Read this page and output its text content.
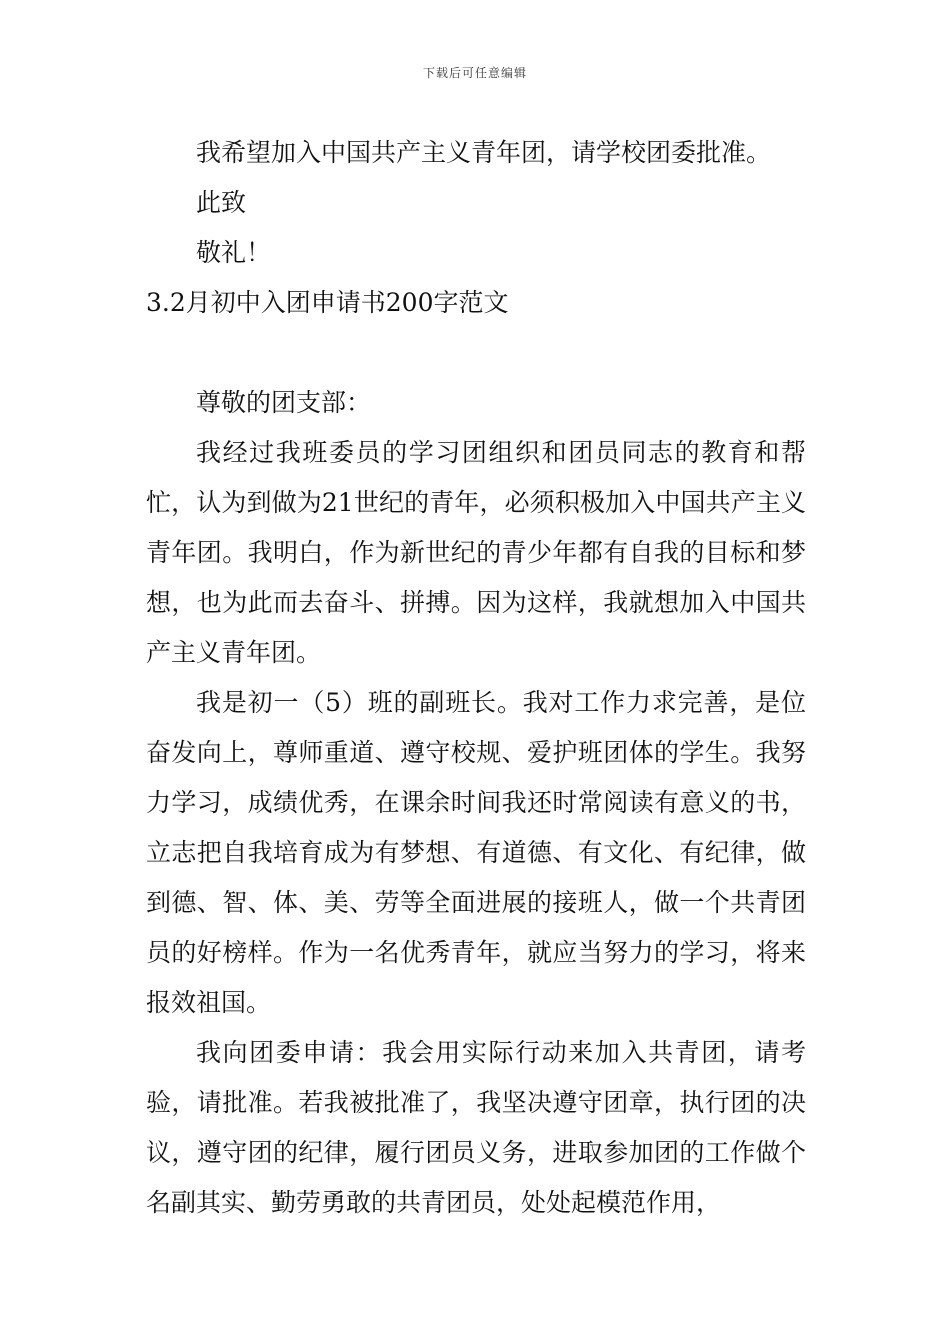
下载后可任意编辑

我希望加入中国共产主义青年团，请学校团委批准。

此致

敬礼！

3.2月初中入团申请书200字范文

尊敬的团支部：

我经过我班委员的学习团组织和团员同志的教育和帮忙，认为到做为21世纪的青年，必须积极加入中国共产主义青年团。我明白，作为新世纪的青少年都有自我的目标和梦想，也为此而去奋斗、拼搏。因为这样，我就想加入中国共产主义青年团。

我是初一（5）班的副班长。我对工作力求完善，是位奋发向上，尊师重道、遵守校规、爱护班团体的学生。我努力学习，成绩优秀，在课余时间我还时常阅读有意义的书，立志把自我培育成为有梦想、有道德、有文化、有纪律，做到德、智、体、美、劳等全面进展的接班人，做一个共青团员的好榜样。作为一名优秀青年，就应当努力的学习，将来报效祖国。

我向团委申请：我会用实际行动来加入共青团，请考验，请批准。若我被批准了，我坚决遵守团章，执行团的决议，遵守团的纪律，履行团员义务，进取参加团的工作做个名副其实、勤劳勇敢的共青团员，处处起模范作用，
